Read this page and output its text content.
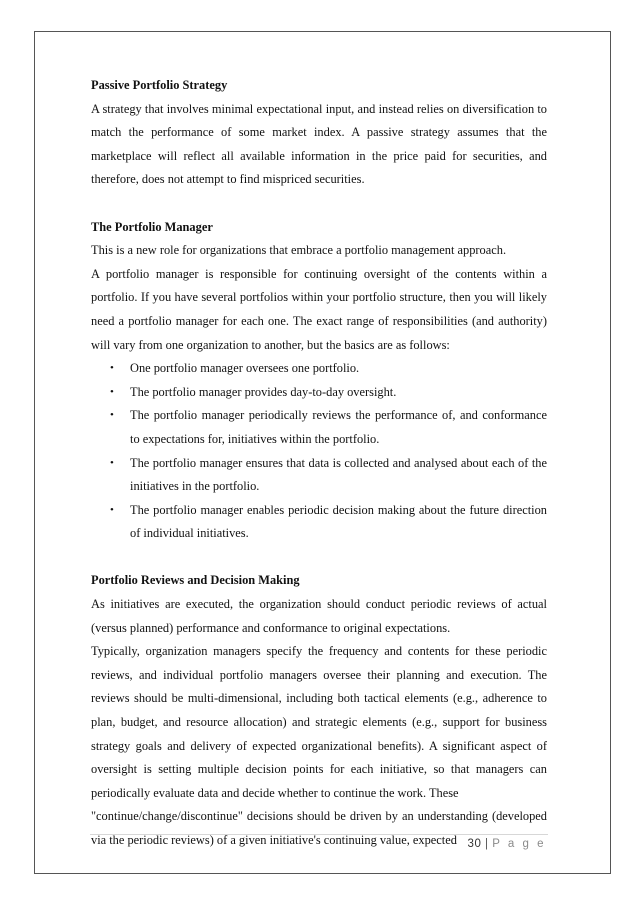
Passive Portfolio Strategy

A strategy that involves minimal expectational input, and instead relies on diversification to match the performance of some market index. A passive strategy assumes that the marketplace will reflect all available information in the price paid for securities, and therefore, does not attempt to find mispriced securities.

The Portfolio Manager

This is a new role for organizations that embrace a portfolio management approach.

A portfolio manager is responsible for continuing oversight of the contents within a portfolio. If you have several portfolios within your portfolio structure, then you will likely need a portfolio manager for each one. The exact range of responsibilities (and authority) will vary from one organization to another, but the basics are as follows:

• One portfolio manager oversees one portfolio.
• The portfolio manager provides day-to-day oversight.
• The portfolio manager periodically reviews the performance of, and conformance to expectations for, initiatives within the portfolio.
• The portfolio manager ensures that data is collected and analysed about each of the initiatives in the portfolio.
• The portfolio manager enables periodic decision making about the future direction of individual initiatives.

Portfolio Reviews and Decision Making

As initiatives are executed, the organization should conduct periodic reviews of actual (versus planned) performance and conformance to original expectations.

Typically, organization managers specify the frequency and contents for these periodic reviews, and individual portfolio managers oversee their planning and execution. The reviews should be multi-dimensional, including both tactical elements (e.g., adherence to plan, budget, and resource allocation) and strategic elements (e.g., support for business strategy goals and delivery of expected organizational benefits). A significant aspect of oversight is setting multiple decision points for each initiative, so that managers can periodically evaluate data and decide whether to continue the work. These

"continue/change/discontinue" decisions should be driven by an understanding (developed via the periodic reviews) of a given initiative's continuing value, expected 30 | P a g e
